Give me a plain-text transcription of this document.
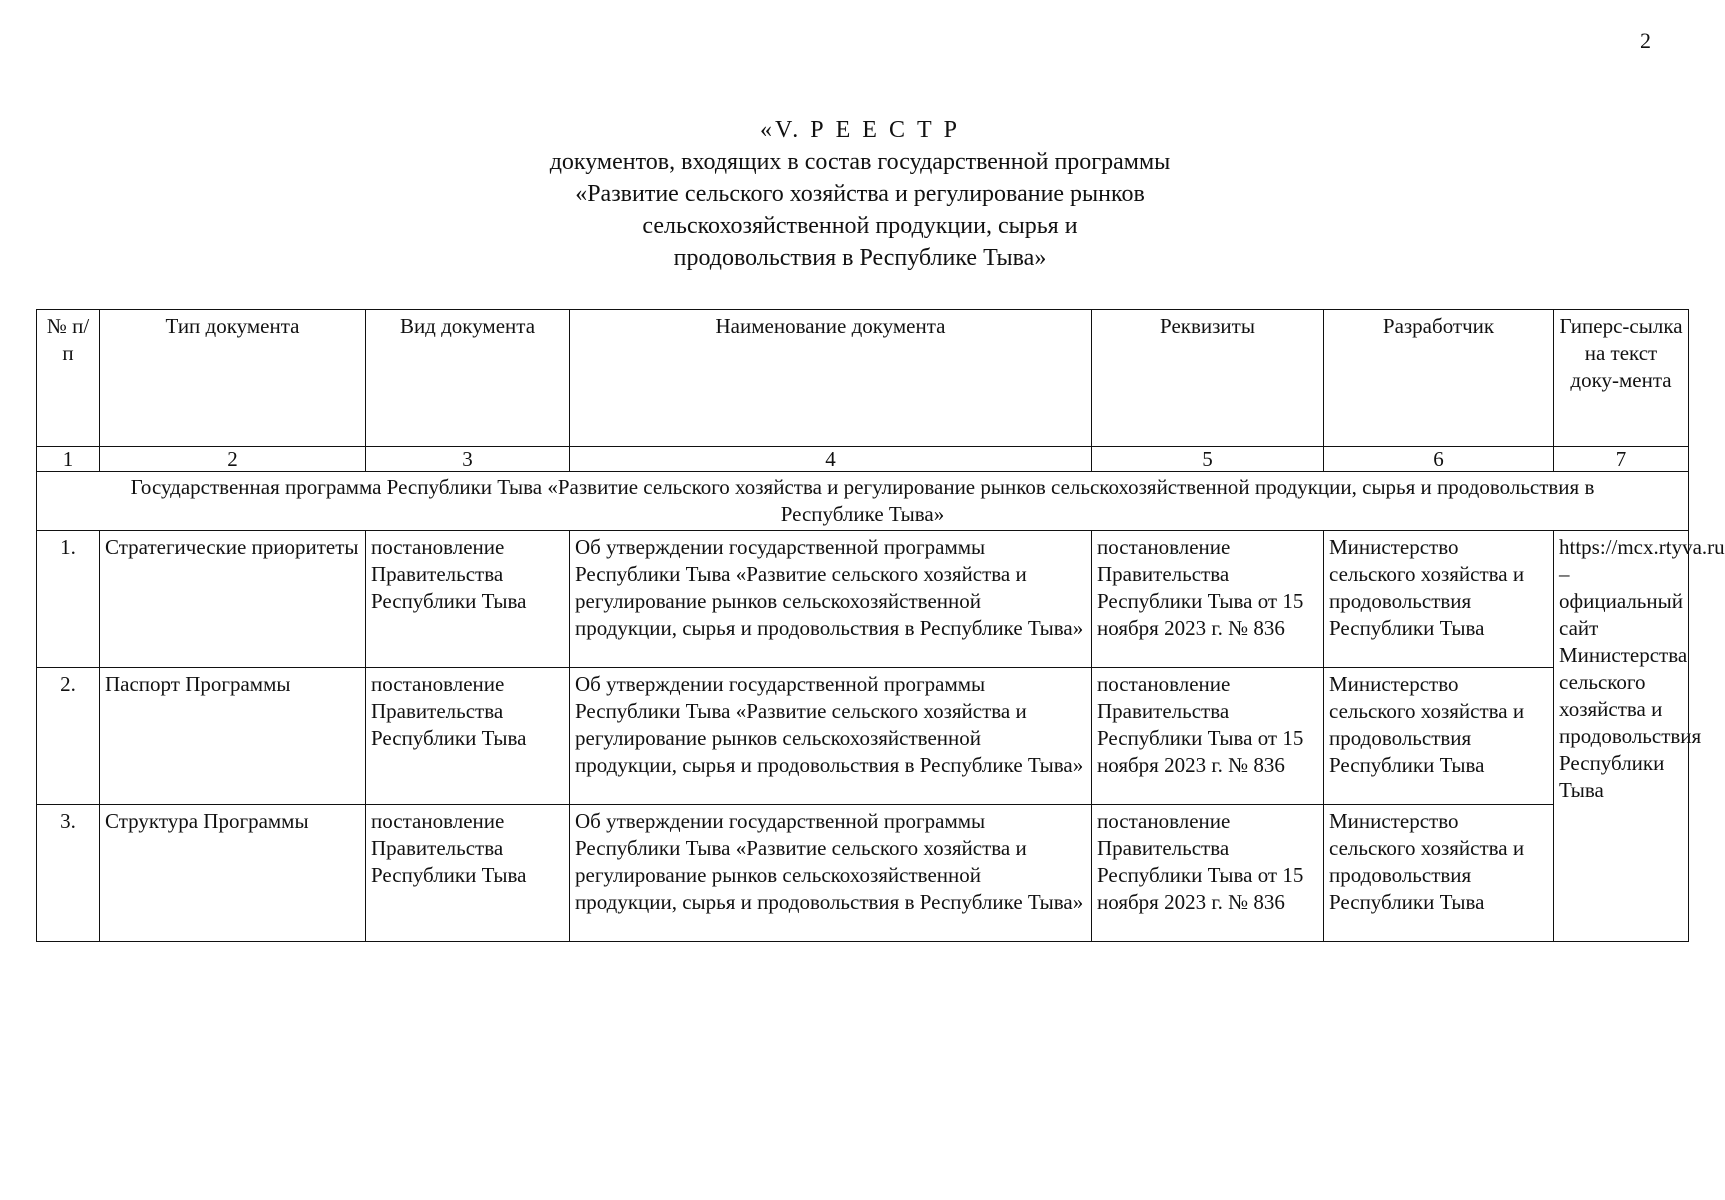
2
«V. Р Е Е С Т Р
документов, входящих в состав государственной программы
«Развитие сельского хозяйства и регулирование рынков
сельскохозяйственной продукции, сырья и
продовольствия в Республике Тыва»
№ п/п	Тип документа	Вид документа	Наименование документа	Реквизиты	Разработчик	Гиперс-сылка на текст доку-мента
1	2	3	4	5	6	7
Государственная программа Республики Тыва «Развитие сельского хозяйства и регулирование рынков сельскохозяйственной продукции, сырья и продовольствия в Республике Тыва»						
1.	Стратегические приоритеты	постановление Правительства Республики Тыва	Об утверждении государственной программы Республики Тыва «Развитие сельского хозяйства и регулирование рынков сельскохозяйственной продукции, сырья и продовольствия в Республике Тыва»	постановление Правительства Республики Тыва от 15 ноября 2023 г. № 836	Министерство сельского хозяйства и продовольствия Республики Тыва	https://mcx.rtyva.ru – официальный сайт Министерства сельского хозяйства и продовольствия Республики Тыва
2.	Паспорт Программы	постановление Правительства Республики Тыва	Об утверждении государственной программы Республики Тыва «Развитие сельского хозяйства и регулирование рынков сельскохозяйственной продукции, сырья и продовольствия в Республике Тыва»	постановление Правительства Республики Тыва от 15 ноября 2023 г. № 836	Министерство сельского хозяйства и продовольствия Республики Тыва	
3.	Структура Программы	постановление Правительства Республики Тыва	Об утверждении государственной программы Республики Тыва «Развитие сельского хозяйства и регулирование рынков сельскохозяйственной продукции, сырья и продовольствия в Республике Тыва»	постановление Правительства Республики Тыва от 15 ноября 2023 г. № 836	Министерство сельского хозяйства и продовольствия Республики Тыва	
